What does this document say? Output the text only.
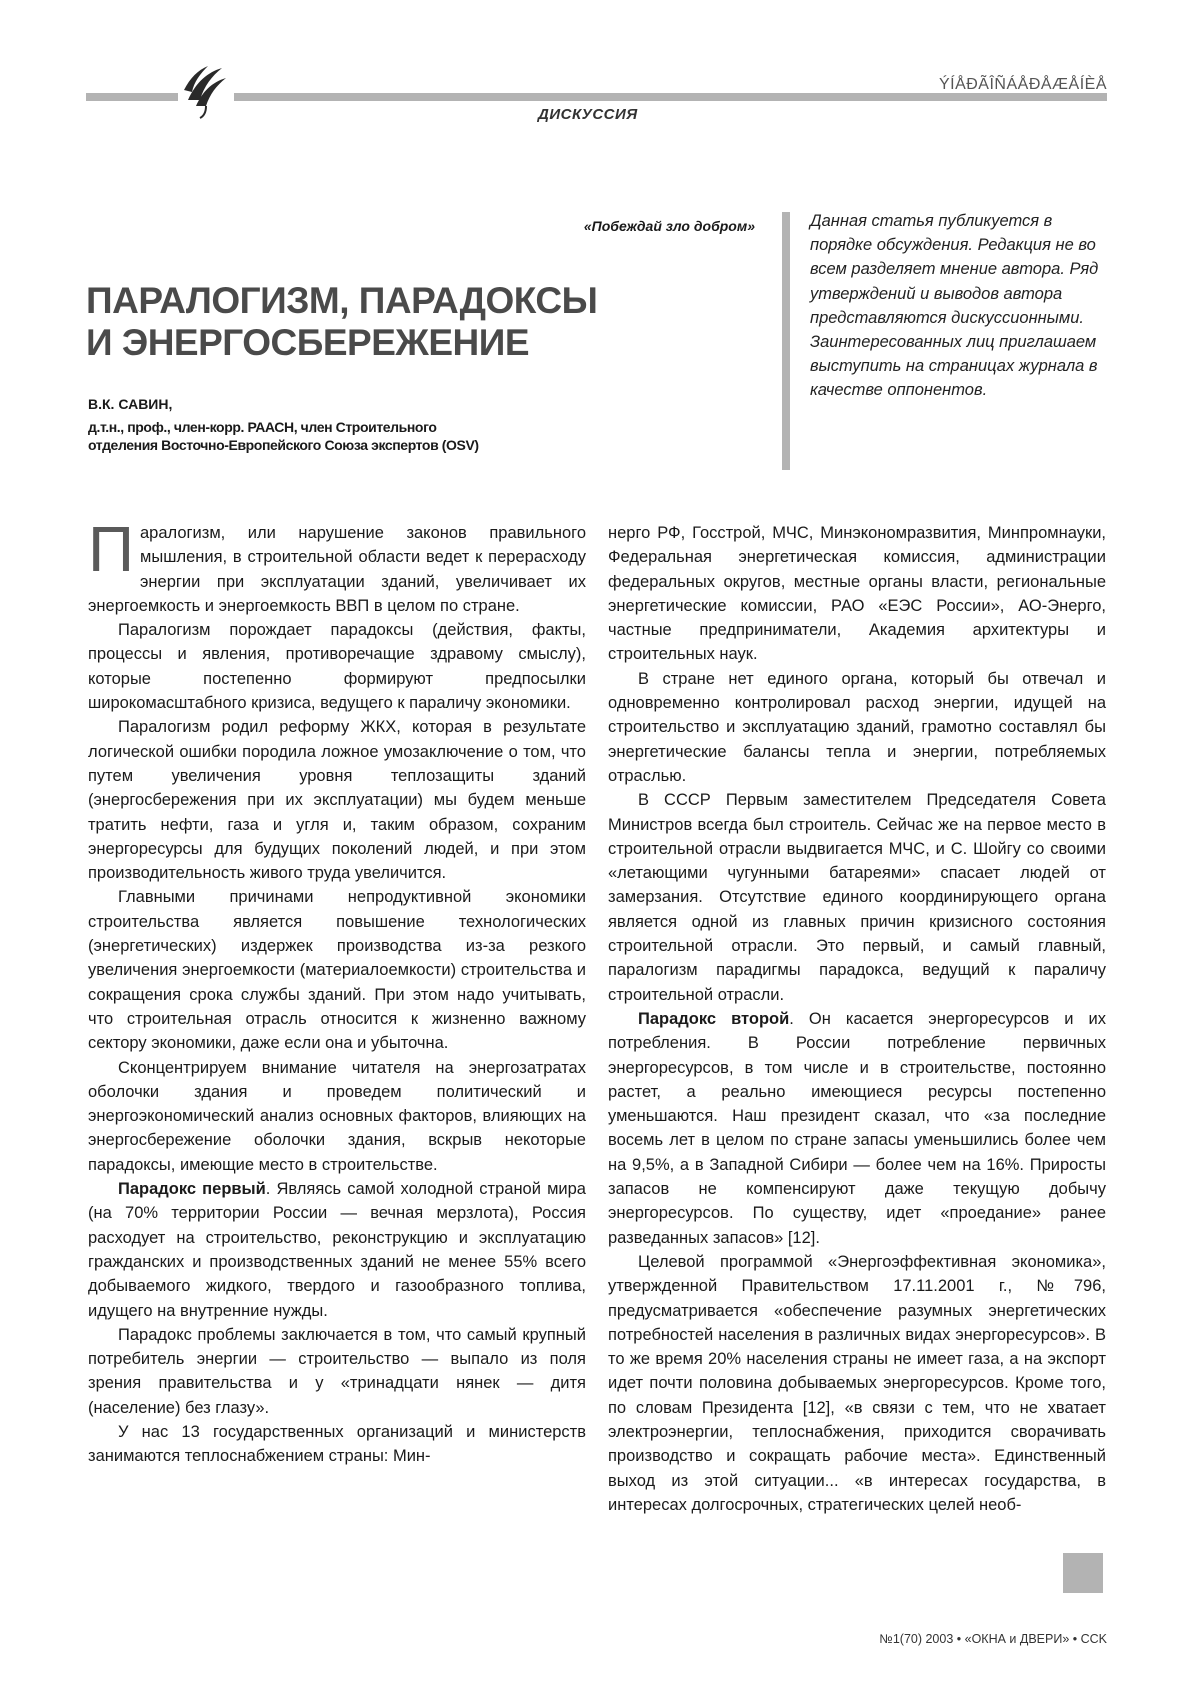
ÝÍÅÐÃÎÑÁÅÐÅÆÅÍÈÅ
ДИСКУССИЯ
«Побеждай зло добром»
ПАРАЛОГИЗМ, ПАРАДОКСЫ
И ЭНЕРГОСБЕРЕЖЕНИЕ
В.К. САВИН,
д.т.н., проф., член-корр. РААСН, член Строительного
отделения Восточно-Европейского Союза экспертов (OSV)
Данная статья публикуется в порядке обсуждения. Редакция не во всем разделяет мнение автора. Ряд утверждений и выводов автора представляются дискуссионными. Заинтересованных лиц приглашаем выступить на страницах журнала в качестве оппонентов.

Паралогизм, или нарушение законов правильного мышления, в строительной области ведет к перерасходу энергии при эксплуатации зданий, увеличивает их энергоемкость и энергоемкость ВВП в целом по стране.

Паралогизм порождает парадоксы (действия, факты, процессы и явления, противоречащие здравому смыслу), которые постепенно формируют предпосылки широкомасштабного кризиса, ведущего к параличу экономики.

Паралогизм родил реформу ЖКХ, которая в результате логической ошибки породила ложное умозаключение о том, что путем увеличения уровня теплозащиты зданий (энергосбережения при их эксплуатации) мы будем меньше тратить нефти, газа и угля и, таким образом, сохраним энергоресурсы для будущих поколений людей, и при этом производительность живого труда увеличится.

Главными причинами непродуктивной экономики строительства является повышение технологических (энергетических) издержек производства из-за резкого увеличения энергоемкости (материалоемкости) строительства и сокращения срока службы зданий. При этом надо учитывать, что строительная отрасль относится к жизненно важному сектору экономики, даже если она и убыточна.

Сконцентрируем внимание читателя на энергозатратах оболочки здания и проведем политический и энергоэкономический анализ основных факторов, влияющих на энергосбережение оболочки здания, вскрыв некоторые парадоксы, имеющие место в строительстве.

Парадокс первый. Являясь самой холодной страной мира (на 70% территории России — вечная мерзлота), Россия расходует на строительство, реконструкцию и эксплуатацию гражданских и производственных зданий не менее 55% всего добываемого жидкого, твердого и газообразного топлива, идущего на внутренние нужды.

Парадокс проблемы заключается в том, что самый крупный потребитель энергии — строительство — выпало из поля зрения правительства и у «тринадцати нянек — дитя (население) без глазу».

У нас 13 государственных организаций и министерств занимаются теплоснабжением страны: Мин-

нерго РФ, Госстрой, МЧС, Минэкономразвития, Минпромнауки, Федеральная энергетическая комиссия, администрации федеральных округов, местные органы власти, региональные энергетические комиссии, РАО «ЕЭС России», АО-Энерго, частные предприниматели, Академия архитектуры и строительных наук.

В стране нет единого органа, который бы отвечал и одновременно контролировал расход энергии, идущей на строительство и эксплуатацию зданий, грамотно составлял бы энергетические балансы тепла и энергии, потребляемых отраслью.

В СССР Первым заместителем Председателя Совета Министров всегда был строитель. Сейчас же на первое место в строительной отрасли выдвигается МЧС, и С. Шойгу со своими «летающими чугунными батареями» спасает людей от замерзания. Отсутствие единого координирующего органа является одной из главных причин кризисного состояния строительной отрасли. Это первый, и самый главный, паралогизм парадигмы парадокса, ведущий к параличу строительной отрасли.

Парадокс второй. Он касается энергоресурсов и их потребления. В России потребление первичных энергоресурсов, в том числе и в строительстве, постоянно растет, а реально имеющиеся ресурсы постепенно уменьшаются. Наш президент сказал, что «за последние восемь лет в целом по стране запасы уменьшились более чем на 9,5%, а в Западной Сибири — более чем на 16%. Приросты запасов не компенсируют даже текущую добычу энергоресурсов. По существу, идет «проедание» ранее разведанных запасов» [12].

Целевой программой «Энергоэффективная экономика», утвержденной Правительством 17.11.2001 г., №796, предусматривается «обеспечение разумных энергетических потребностей населения в различных видах энергоресурсов». В то же время 20% населения страны не имеет газа, а на экспорт идет почти половина добываемых энергоресурсов. Кроме того, по словам Президента [12], «в связи с тем, что не хватает электроэнергии, теплоснабжения, приходится сворачивать производство и сокращать рабочие места». Единственный выход из этой ситуации... «в интересах государства, в интересах долгосрочных, стратегических целей необ-

№1(70) 2003 • «ОКНА и ДВЕРИ» • CCK
